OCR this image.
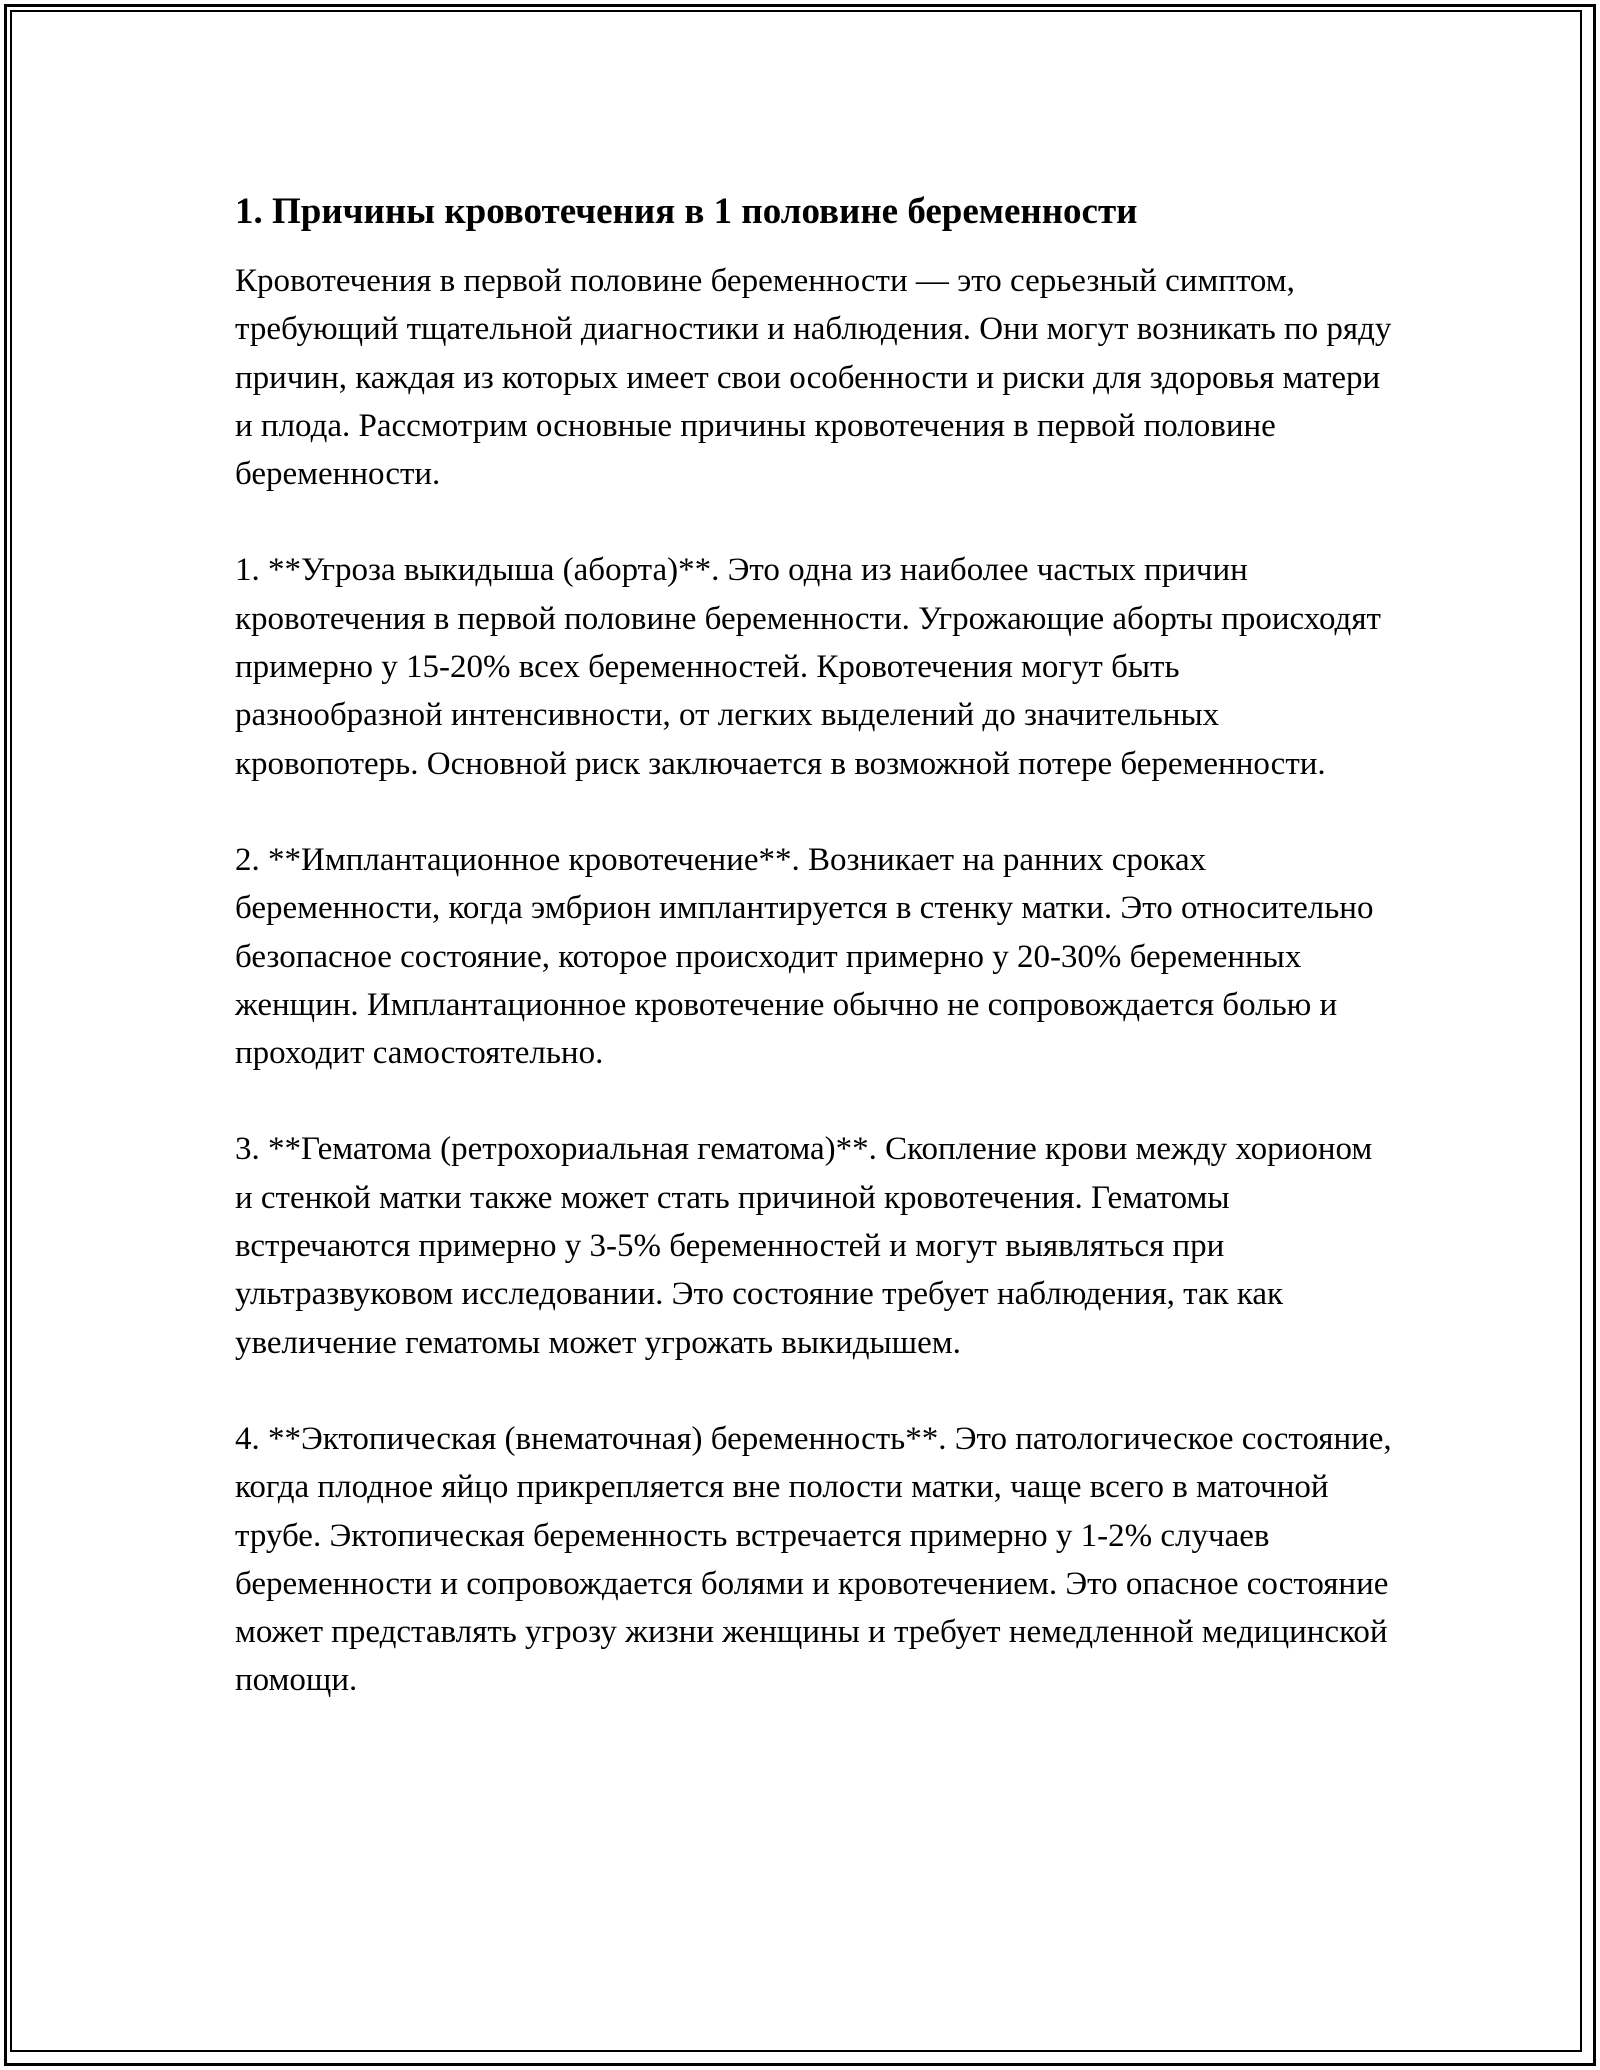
1. Причины кровотечения в 1 половине беременности

Кровотечения в первой половине беременности — это серьезный симптом, требующий тщательной диагностики и наблюдения. Они могут возникать по ряду причин, каждая из которых имеет свои особенности и риски для здоровья матери и плода. Рассмотрим основные причины кровотечения в первой половине беременности.

1. **Угроза выкидыша (аборта)**. Это одна из наиболее частых причин кровотечения в первой половине беременности. Угрожающие аборты происходят примерно у 15-20% всех беременностей. Кровотечения могут быть разнообразной интенсивности, от легких выделений до значительных кровопотерь. Основной риск заключается в возможной потере беременности.

2. **Имплантационное кровотечение**. Возникает на ранних сроках беременности, когда эмбрион имплантируется в стенку матки. Это относительно безопасное состояние, которое происходит примерно у 20-30% беременных женщин. Имплантационное кровотечение обычно не сопровождается болью и проходит самостоятельно.

3. **Гематома (ретрохориальная гематома)**. Скопление крови между хорионом и стенкой матки также может стать причиной кровотечения. Гематомы встречаются примерно у 3-5% беременностей и могут выявляться при ультразвуковом исследовании. Это состояние требует наблюдения, так как увеличение гематомы может угрожать выкидышем.

4. **Эктопическая (внематочная) беременность**. Это патологическое состояние, когда плодное яйцо прикрепляется вне полости матки, чаще всего в маточной трубе. Эктопическая беременность встречается примерно у 1-2% случаев беременности и сопровождается болями и кровотечением. Это опасное состояние может представлять угрозу жизни женщины и требует немедленной медицинской помощи.
